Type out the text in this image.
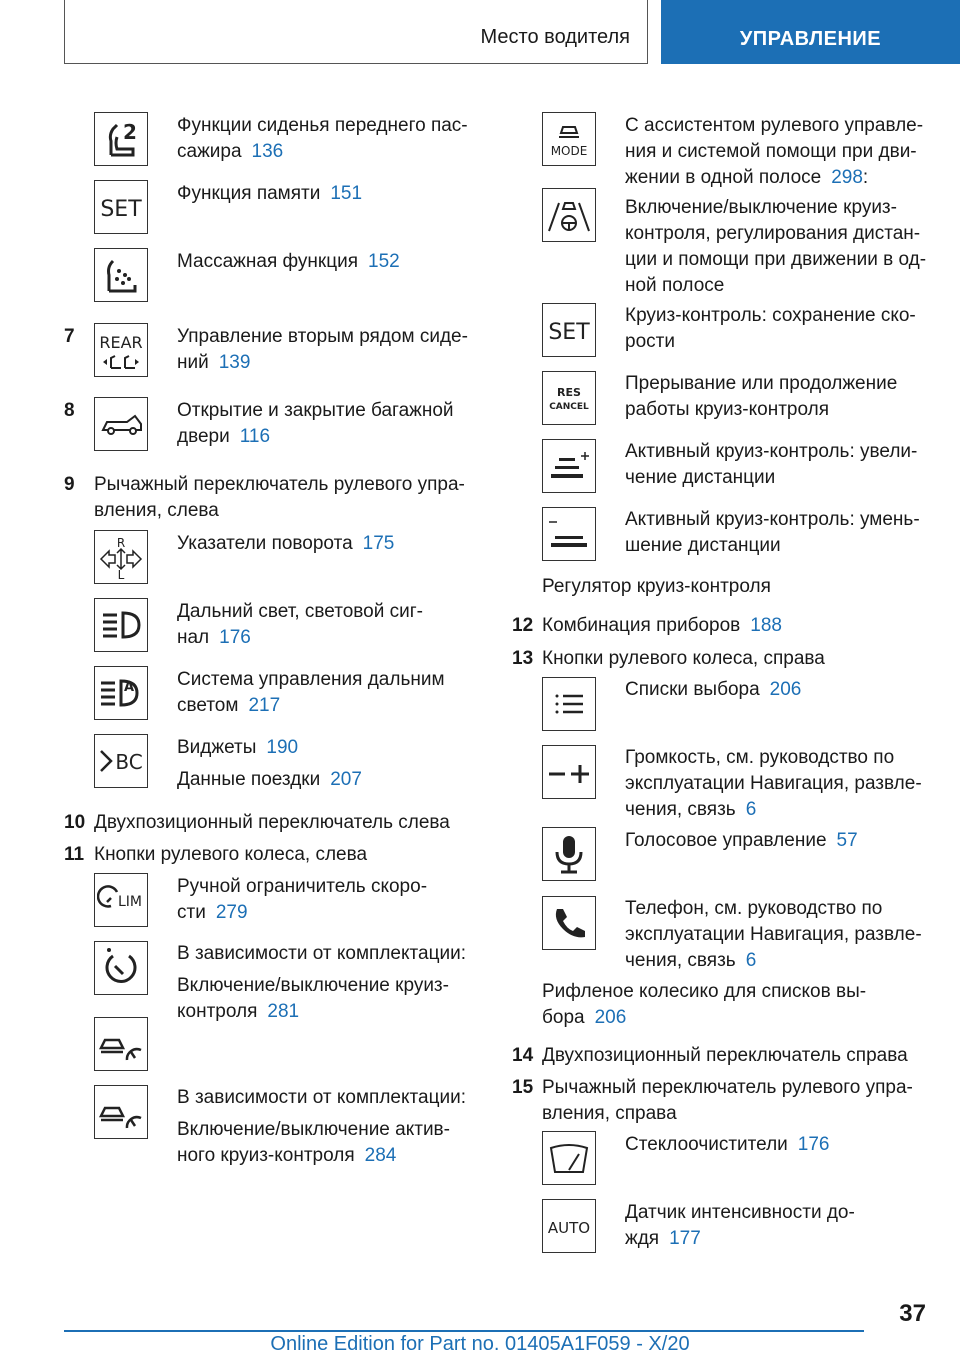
Место водителя	УПРАВЛЕНИЕ
2 Функции сиденья переднего пас-
сажира 136
SET
Функция памяти 151
Массажная функция 152
7 REAR Управление вторым рядом сиде-
ний 139
8	Открытие и закрытие багажной
двери 116
9 Рычажный переключатель рулевого упра-
вления, слева
R
L
Указатели поворота 175
Дальний свет, световой сиг-
нал 176
A Система управления дальним
светом 217
BC
Виджеты 190
Данные поездки 207
10 Двухпозиционный переключатель слева
11 Кнопки рулевого колеса, слева
LIM
Ручной ограничитель скоро-
сти 279
В зависимости от комплектации:
Включение/выключение круиз-
контроля 281
В зависимости от комплектации:
Включение/выключение актив-
ного круиз-контроля 284
MODE
С ассистентом рулевого управле-
ния и системой помощи при дви-
жении в одной полосе 298:
Включение/выключение круиз-
контроля, регулирования дистан-
ции и помощи при движении в од-
ной полосе
SET
Круиз-контроль: сохранение ско-
рости
RES
CANCEL
Прерывание или продолжение
работы круиз-контроля
Активный круиз-контроль: увели-
чение дистанции
Активный круиз-контроль: умень-
шение дистанции
Регулятор круиз-контроля
12 Комбинация приборов 188
13 Кнопки рулевого колеса, справа
Списки выбора 206
Громкость, см. руководство по
эксплуатации Навигация, развле-
чения, связь 6
Голосовое управление 57
Телефон, см. руководство по
эксплуатации Навигация, развле-
чения, связь 6
Рифленое колесико для списков вы-
бора 206
14 Двухпозиционный переключатель справа
15 Рычажный переключатель рулевого упра-
вления, справа
Стеклоочистители 176
AUTO
Датчик интенсивности до-
ждя 177
37
Online Edition for Part no. 01405A1F059 - X/20
